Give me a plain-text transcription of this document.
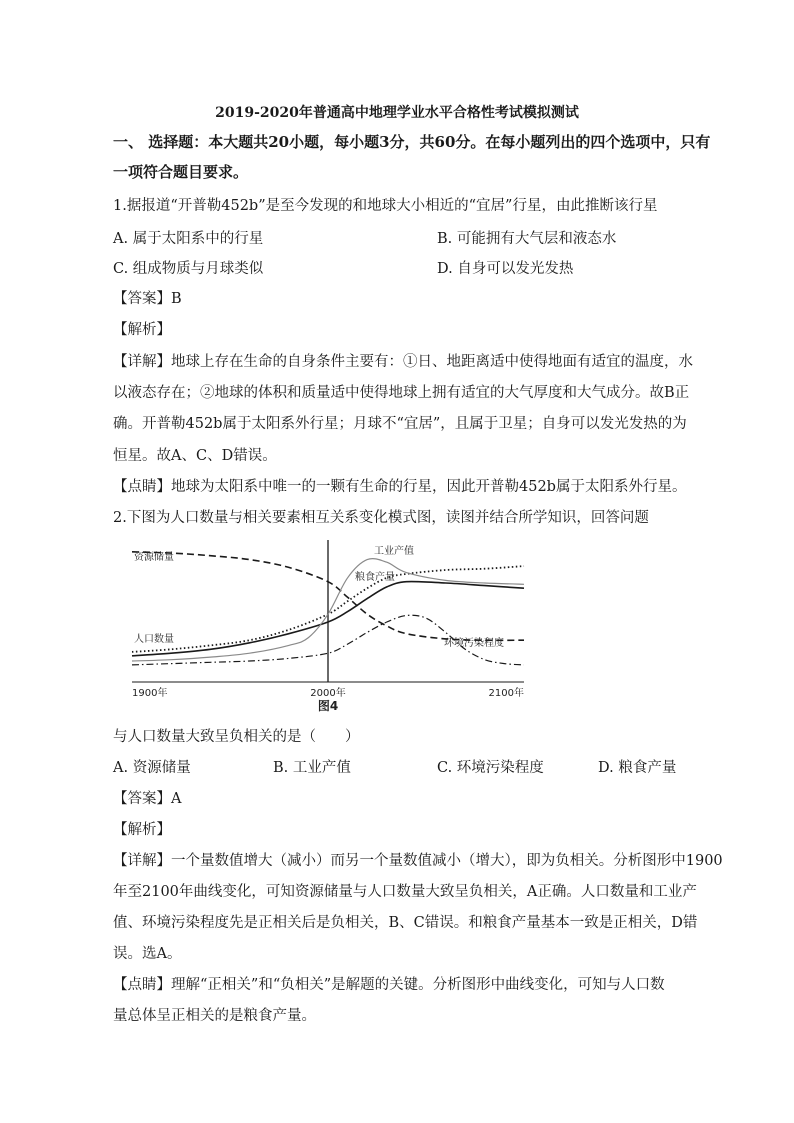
2019-2020年普通高中地理学业水平合格性考试模拟测试
一、 选择题：本大题共20小题，每小题3分，共60分。在每小题列出的四个选项中，只有
一项符合题目要求。
1.据报道“开普勒452b”是至今发现的和地球大小相近的“宜居”行星，由此推断该行星
A. 属于太阳系中的行星	B. 可能拥有大气层和液态水
C. 组成物质与月球类似	D. 自身可以发光发热
【答案】B
【解析】
【详解】地球上存在生命的自身条件主要有：①日、地距离适中使得地面有适宜的温度，水
以液态存在；②地球的体积和质量适中使得地球上拥有适宜的大气厚度和大气成分。故B正
确。开普勒452b属于太阳系外行星；月球不“宜居”，且属于卫星；自身可以发光发热的为
恒星。故A、C、D错误。
【点睛】地球为太阳系中唯一的一颗有生命的行星，因此开普勒452b属于太阳系外行星。
2.下图为人口数量与相关要素相互关系变化模式图，读图并结合所学知识，回答问题
资源储量
人口数量
粮食产量
工业产值
环境污染程度
1900年	2000年	2100年
图4
与人口数量大致呈负相关的是（　　）
A. 资源储量	B. 工业产值	C. 环境污染程度	D. 粮食产量
【答案】A
【解析】
【详解】一个量数值增大（减小）而另一个量数值减小（增大），即为负相关。分析图形中1900
年至2100年曲线变化，可知资源储量与人口数量大致呈负相关，A正确。人口数量和工业产
值、环境污染程度先是正相关后是负相关，B、C错误。和粮食产量基本一致是正相关，D错
误。选A。
【点睛】理解“正相关”和“负相关”是解题的关键。分析图形中曲线变化，可知与人口数
量总体呈正相关的是粮食产量。
